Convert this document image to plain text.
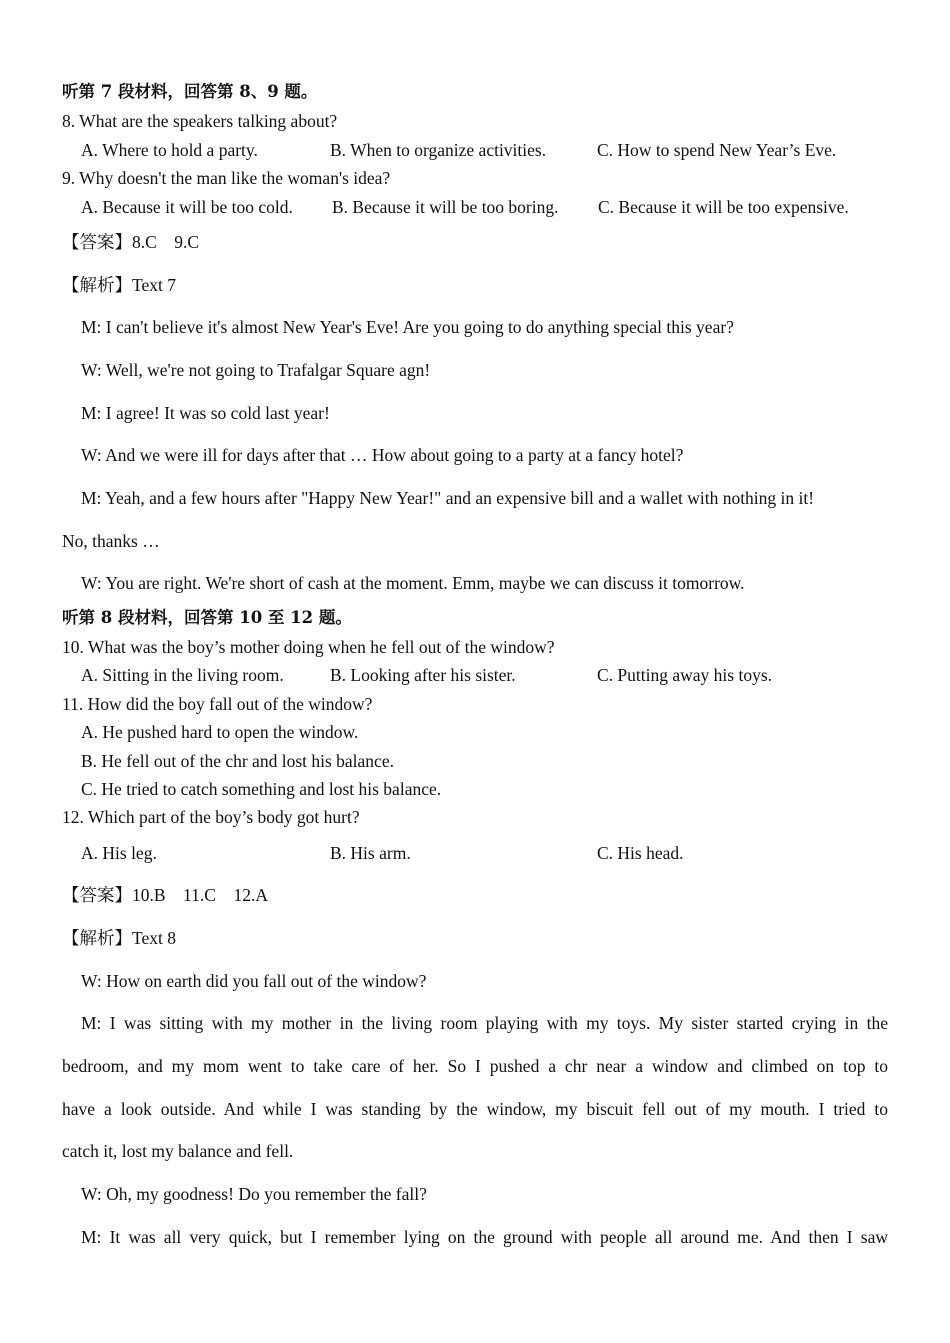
听第 7 段材料，回答第 8、9 题。
8. What are the speakers talking about?
A. Where to hold a party.	B. When to organize activities.	C. How to spend New Year’s Eve.
9. Why doesn't the man like the woman's idea?
A. Because it will be too cold. B. Because it will be too boring. C. Because it will be too expensive.
【答案】8.C　9.C
【解析】Text 7
M: I can't believe it's almost New Year's Eve! Are you going to do anything special this year?
W: Well, we're not going to Trafalgar Square agn!
M: I agree! It was so cold last year!
W: And we were ill for days after that … How about going to a party at a fancy hotel?
M: Yeah, and a few hours after "Happy New Year!" and an expensive bill and a wallet with nothing in it!
No, thanks …
W: You are right. We're short of cash at the moment. Emm, maybe we can discuss it tomorrow.
听第 8 段材料，回答第 10 至 12 题。
10. What was the boy’s mother doing when he fell out of the window?
A. Sitting in the living room.	B. Looking after his sister.	C. Putting away his toys.
11. How did the boy fall out of the window?
A. He pushed hard to open the window.
B. He fell out of the chr and lost his balance.
C. He tried to catch something and lost his balance.
12. Which part of the boy’s body got hurt?
A. His leg.	B. His arm.	C. His head.
【答案】10.B　11.C　12.A
【解析】Text 8
W: How on earth did you fall out of the window?
M: I was sitting with my mother in the living room playing with my toys. My sister started crying in the
bedroom, and my mom went to take care of her. So I pushed a chr near a window and climbed on top to
have a look outside. And while I was standing by the window, my biscuit fell out of my mouth. I tried to
catch it, lost my balance and fell.
W: Oh, my goodness! Do you remember the fall?
M: It was all very quick, but I remember lying on the ground with people all around me. And then I saw
